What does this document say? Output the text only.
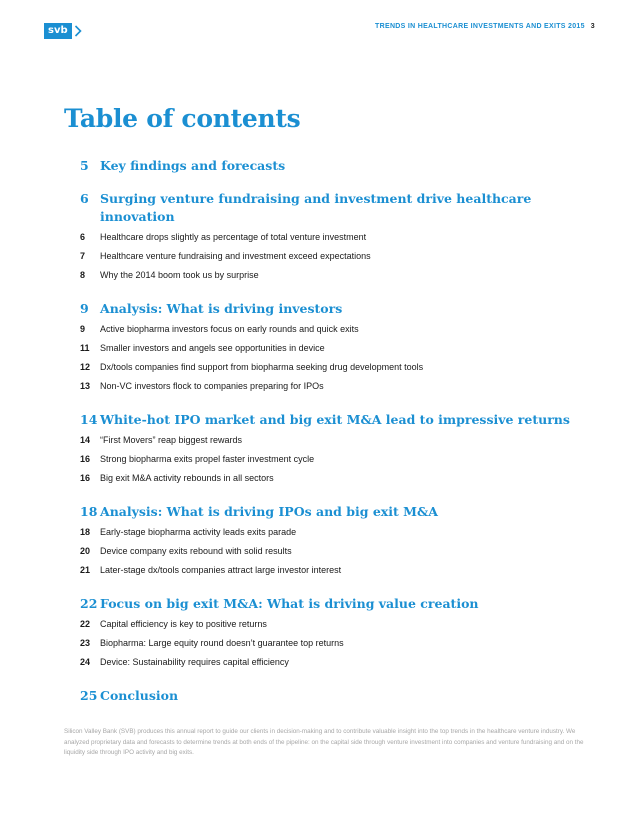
svb	TRENDS IN HEALTHCARE INVESTMENTS AND EXITS 2015 3
Table of contents
5 Key findings and forecasts
6 Surging venture fundraising and investment drive healthcare innovation
6	Healthcare drops slightly as percentage of total venture investment
7	Healthcare venture fundraising and investment exceed expectations
8	Why the 2014 boom took us by surprise
9 Analysis: What is driving investors
9	Active biopharma investors focus on early rounds and quick exits
11	Smaller investors and angels see opportunities in device
12	Dx/tools companies find support from biopharma seeking drug development tools
13	Non-VC investors flock to companies preparing for IPOs
14 White-hot IPO market and big exit M&A lead to impressive returns
14	“First Movers” reap biggest rewards
16	Strong biopharma exits propel faster investment cycle
16	Big exit M&A activity rebounds in all sectors
18 Analysis: What is driving IPOs and big exit M&A
18	Early-stage biopharma activity leads exits parade
20	Device company exits rebound with solid results
21	Later-stage dx/tools companies attract large investor interest
22 Focus on big exit M&A: What is driving value creation
22	Capital efficiency is key to positive returns
23	Biopharma: Large equity round doesn’t guarantee top returns
24	Device: Sustainability requires capital efficiency
25 Conclusion
Silicon Valley Bank (SVB) produces this annual report to guide our clients in decision-making and to contribute valuable insight into the top trends in the healthcare venture industry. We analyzed proprietary data and forecasts to determine trends at both ends of the pipeline: on the capital side through venture investment into companies and venture fundraising and on the liquidity side through IPO activity and big exits.
